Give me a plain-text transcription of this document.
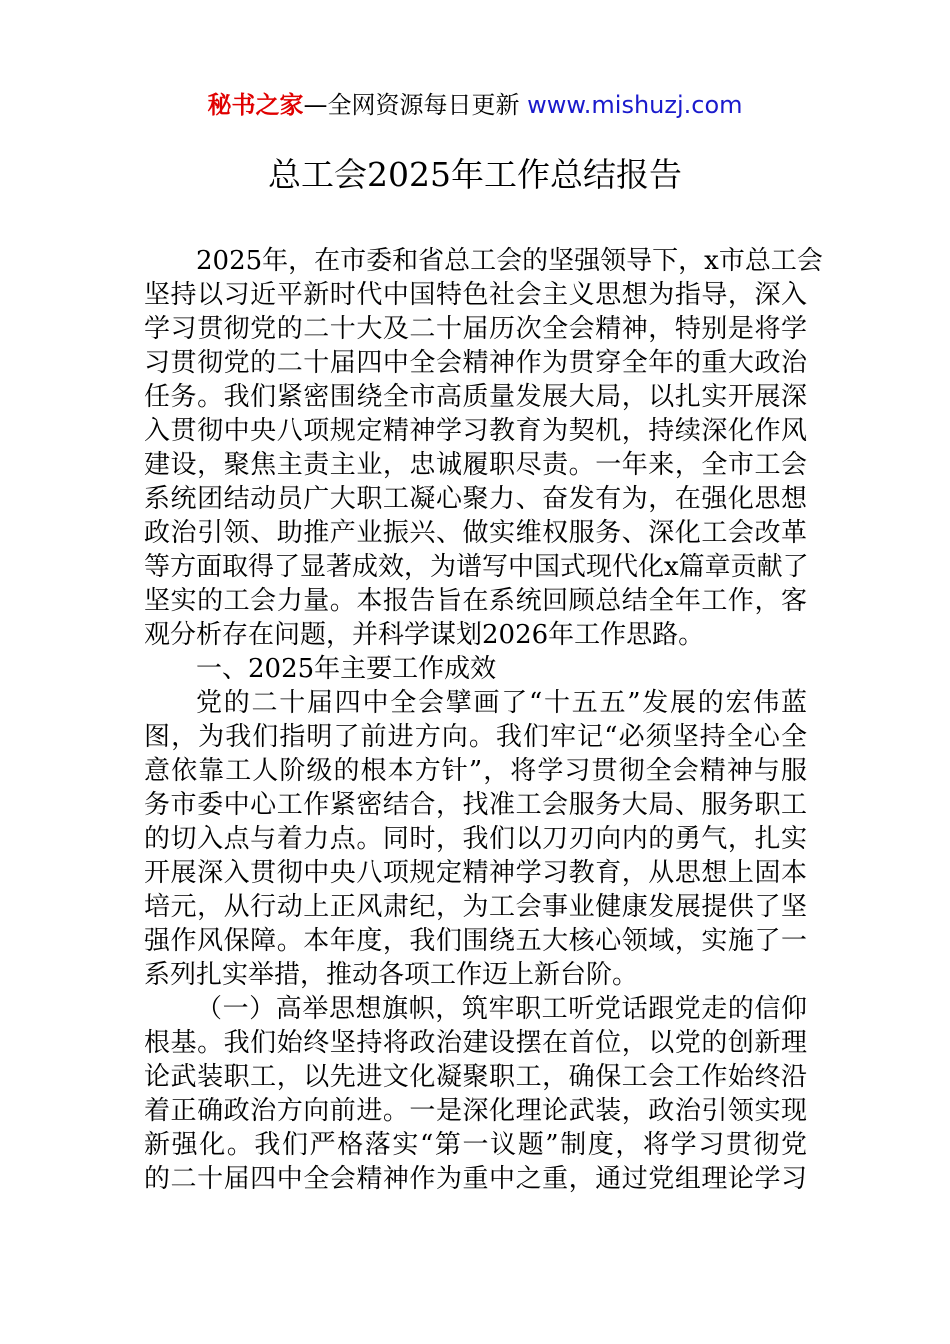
秘书之家—全网资源每日更新 www.mishuzj.com
总工会2025年工作总结报告
2025年，在市委和省总工会的坚强领导下，x市总工会
坚持以习近平新时代中国特色社会主义思想为指导，深入
学习贯彻党的二十大及二十届历次全会精神，特别是将学
习贯彻党的二十届四中全会精神作为贯穿全年的重大政治
任务。我们紧密围绕全市高质量发展大局，以扎实开展深
入贯彻中央八项规定精神学习教育为契机，持续深化作风
建设，聚焦主责主业，忠诚履职尽责。一年来，全市工会
系统团结动员广大职工凝心聚力、奋发有为，在强化思想
政治引领、助推产业振兴、做实维权服务、深化工会改革
等方面取得了显著成效，为谱写中国式现代化x篇章贡献了
坚实的工会力量。本报告旨在系统回顾总结全年工作，客
观分析存在问题，并科学谋划2026年工作思路。
一、2025年主要工作成效
党的二十届四中全会擘画了“十五五”发展的宏伟蓝
图，为我们指明了前进方向。我们牢记“必须坚持全心全
意依靠工人阶级的根本方针”，将学习贯彻全会精神与服
务市委中心工作紧密结合，找准工会服务大局、服务职工
的切入点与着力点。同时，我们以刀刃向内的勇气，扎实
开展深入贯彻中央八项规定精神学习教育，从思想上固本
培元，从行动上正风肃纪，为工会事业健康发展提供了坚
强作风保障。本年度，我们围绕五大核心领域，实施了一
系列扎实举措，推动各项工作迈上新台阶。
（一）高举思想旗帜，筑牢职工听党话跟党走的信仰
根基。我们始终坚持将政治建设摆在首位，以党的创新理
论武装职工，以先进文化凝聚职工，确保工会工作始终沿
着正确政治方向前进。一是深化理论武装，政治引领实现
新强化。我们严格落实“第一议题”制度，将学习贯彻党
的二十届四中全会精神作为重中之重，通过党组理论学习
